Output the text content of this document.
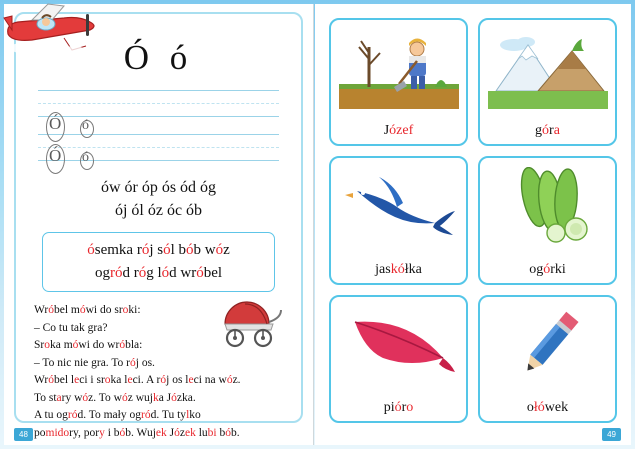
Ó ó
Ó ó
Ó ó
ów ór óp ós ód óg
ój ól óz óc ób
ósemka rój sól bób wóz
ogród róg lód wróbel
Wróbel mówi do sroki:
– Co tu tak gra?
Sroka mówi do wróbla:
– To nic nie gra. To rój os.
Wróbel leci i sroka leci. A rój os leci na wóz.
To stary wóz. To wóz wujka Józka.
A tu ogród. To mały ogród. Tu tylko
pomidory, pory i bób. Wujek Józek lubi bób.
48
Józef	góra
jaskółka	ogórki
pióro	ołówek
49
